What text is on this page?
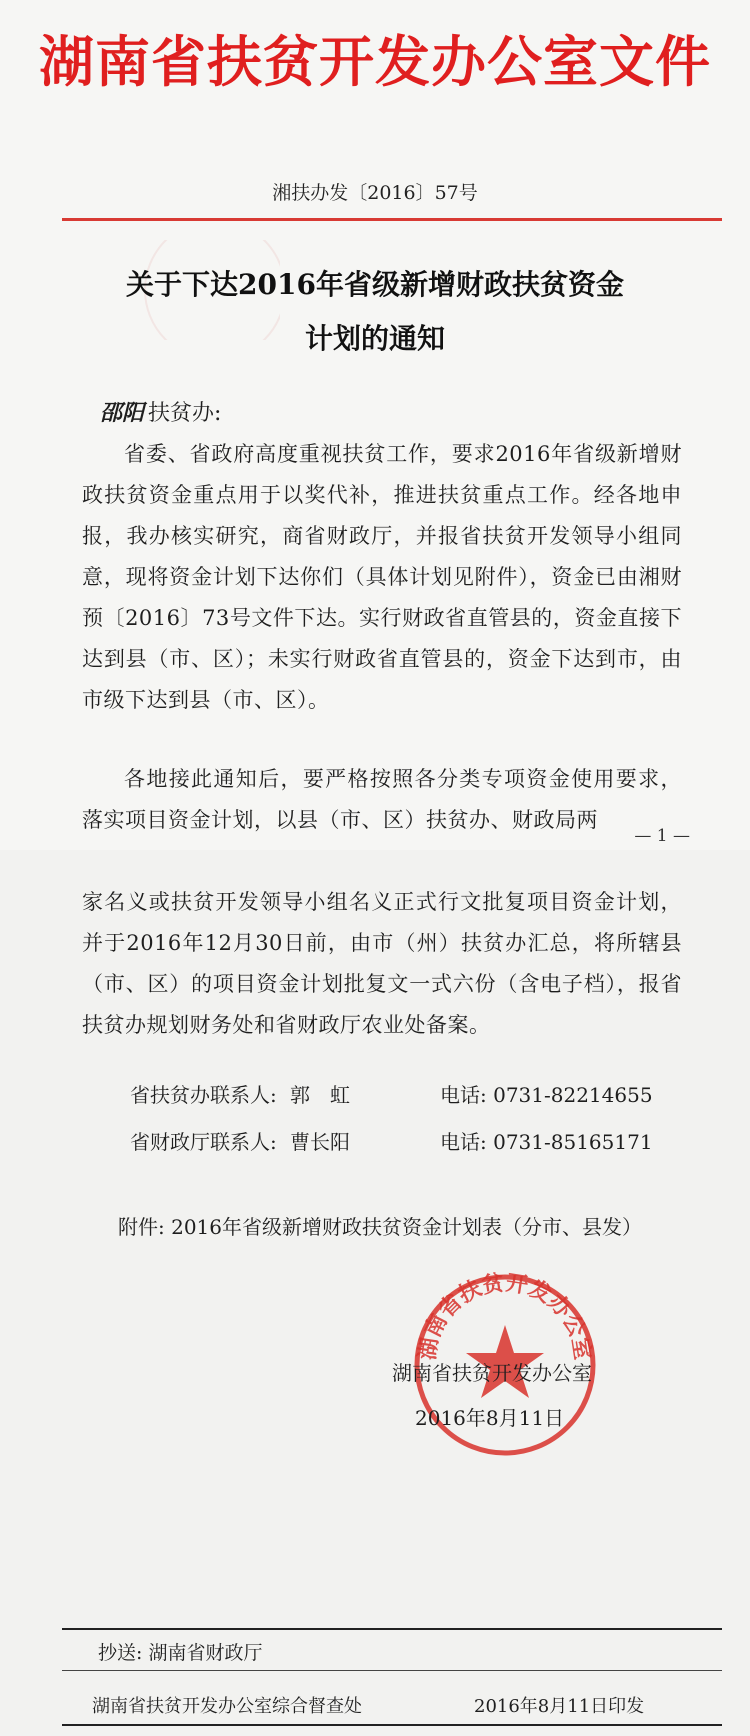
湖南省扶贫开发办公室文件
湘扶办发〔2016〕57号
关于下达2016年省级新增财政扶贫资金
计划的通知
邵阳 扶贫办:

省委、省政府高度重视扶贫工作，要求2016年省级新增财政扶贫资金重点用于以奖代补，推进扶贫重点工作。经各地申报，我办核实研究，商省财政厅，并报省扶贫开发领导小组同意，现将资金计划下达你们（具体计划见附件），资金已由湘财预〔2016〕73号文件下达。实行财政省直管县的，资金直接下达到县（市、区）；未实行财政省直管县的，资金下达到市，由市级下达到县（市、区）。

各地接此通知后，要严格按照各分类专项资金使用要求，落实项目资金计划，以县（市、区）扶贫办、财政局两

— 1 —

家名义或扶贫开发领导小组名义正式行文批复项目资金计划，并于2016年12月30日前，由市（州）扶贫办汇总，将所辖县（市、区）的项目资金计划批复文一式六份（含电子档），报省扶贫办规划财务处和省财政厅农业处备案。

省扶贫办联系人: 郭　虹	电话: 0731-82214655
省财政厅联系人: 曹长阳	电话: 0731-85165171
附件: 2016年省级新增财政扶贫资金计划表（分市、县发）
湖南省扶贫开发办公室
湖南省扶贫开发办公室
2016年8月11日
抄送: 湖南省财政厅
湖南省扶贫开发办公室综合督查处	2016年8月11日印发
